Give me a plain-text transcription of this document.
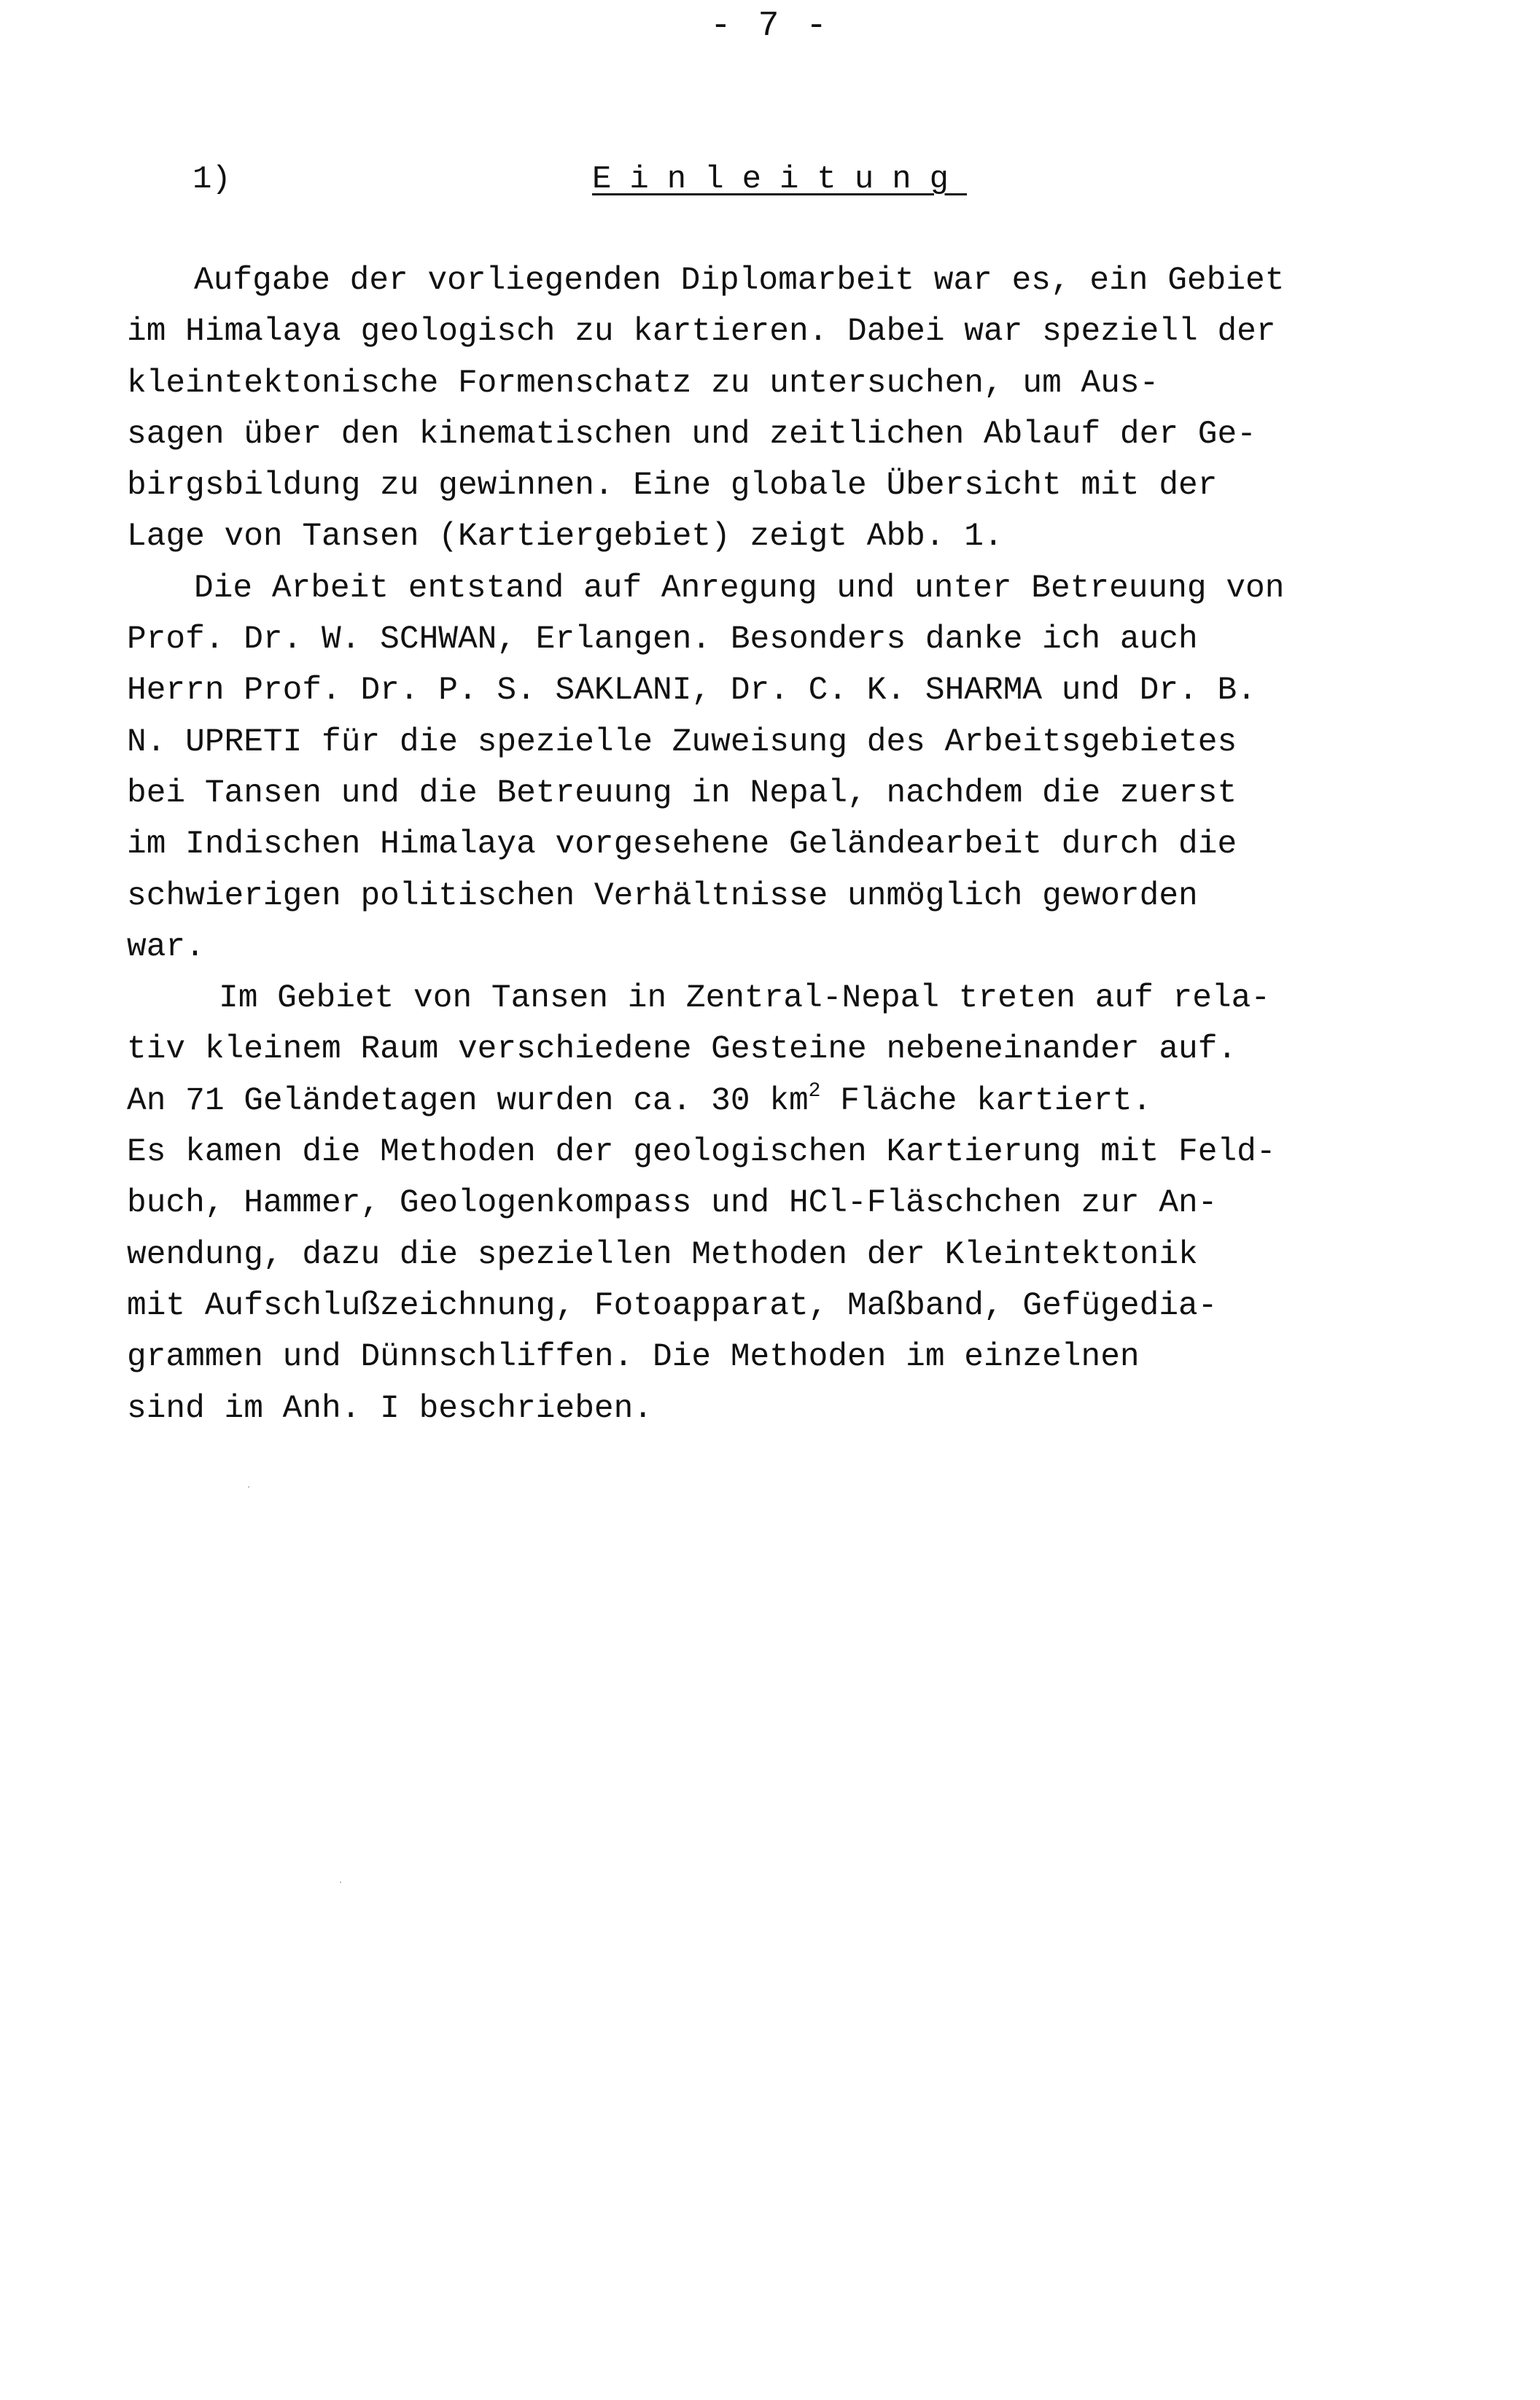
- 7 -
1)	Einleitung
Aufgabe der vorliegenden Diplomarbeit war es, ein Gebiet
im Himalaya geologisch zu kartieren. Dabei war speziell der
kleintektonische Formenschatz zu untersuchen, um Aus-
sagen über den kinematischen und zeitlichen Ablauf der Ge-
birgsbildung zu gewinnen. Eine globale Übersicht mit der
Lage von Tansen (Kartiergebiet) zeigt Abb. 1.
Die Arbeit entstand auf Anregung und unter Betreuung von
Prof. Dr. W. SCHWAN, Erlangen. Besonders danke ich auch
Herrn Prof. Dr. P. S. SAKLANI, Dr. C. K. SHARMA und Dr. B.
N. UPRETI für die spezielle Zuweisung des Arbeitsgebietes
bei Tansen und die Betreuung in Nepal, nachdem die zuerst
im Indischen Himalaya vorgesehene Geländearbeit durch die
schwierigen politischen Verhältnisse unmöglich geworden
war.
Im Gebiet von Tansen in Zentral-Nepal treten auf rela-
tiv kleinem Raum verschiedene Gesteine nebeneinander auf.
An 71 Geländetagen wurden ca. 30 $km^2$ Fläche kartiert.
Es kamen die Methoden der geologischen Kartierung mit Feld-
buch, Hammer, Geologenkompass und HCl-Fläschchen zur An-
wendung, dazu die speziellen Methoden der Kleintektonik
mit Aufschlußzeichnung, Fotoapparat, Maßband, Gefügedia-
grammen und Dünnschliffen. Die Methoden im einzelnen
sind im Anh. I beschrieben.
